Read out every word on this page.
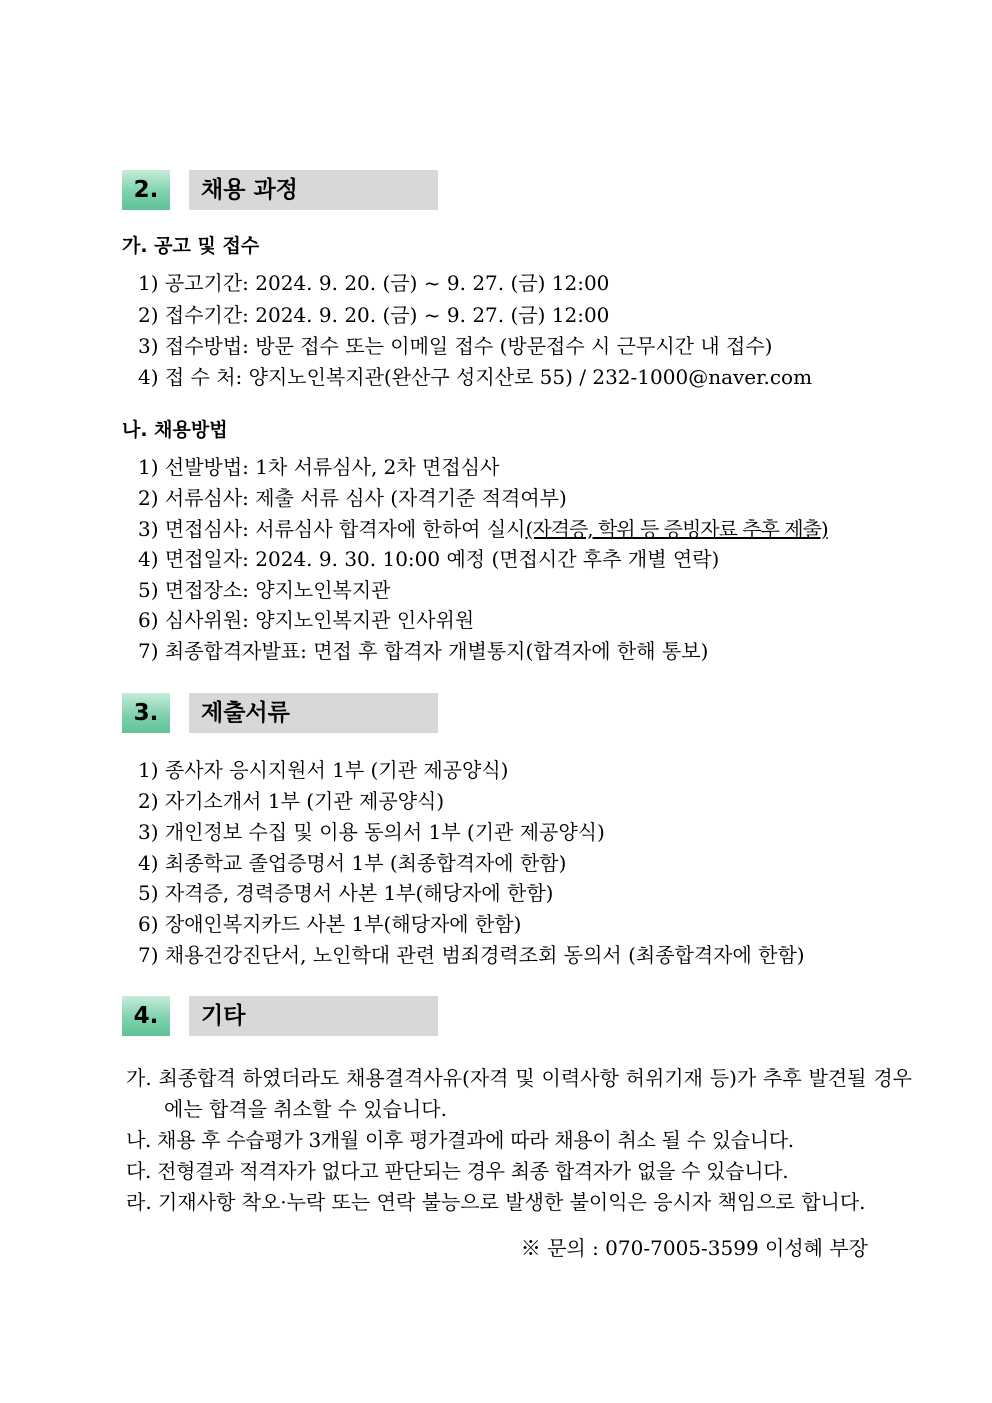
2.	채용 과정
가. 공고 및 접수
1) 공고기간: 2024. 9. 20. (금) ~ 9. 27. (금) 12:00
2) 접수기간: 2024. 9. 20. (금) ~ 9. 27. (금) 12:00
3) 접수방법: 방문 접수 또는 이메일 접수 (방문접수 시 근무시간 내 접수)
4) 접 수 처: 양지노인복지관(완산구 성지산로 55) / 232-1000@naver.com
나. 채용방법
1) 선발방법: 1차 서류심사, 2차 면접심사
2) 서류심사: 제출 서류 심사 (자격기준 적격여부)
3) 면접심사: 서류심사 합격자에 한하여 실시(자격증, 학위 등 증빙자료 추후 제출)
4) 면접일자: 2024. 9. 30. 10:00 예정 (면접시간 후추 개별 연락)
5) 면접장소: 양지노인복지관
6) 심사위원: 양지노인복지관 인사위원
7) 최종합격자발표: 면접 후 합격자 개별통지(합격자에 한해 통보)
3.	제출서류
1) 종사자 응시지원서 1부 (기관 제공양식)
2) 자기소개서 1부 (기관 제공양식)
3) 개인정보 수집 및 이용 동의서 1부 (기관 제공양식)
4) 최종학교 졸업증명서 1부 (최종합격자에 한함)
5) 자격증, 경력증명서 사본 1부(해당자에 한함)
6) 장애인복지카드 사본 1부(해당자에 한함)
7) 채용건강진단서, 노인학대 관련 범죄경력조회 동의서 (최종합격자에 한함)
4.	기타
가. 최종합격 하였더라도 채용결격사유(자격 및 이력사항 허위기재 등)가 추후 발견될 경우에는 합격을 취소할 수 있습니다.
나. 채용 후 수습평가 3개월 이후 평가결과에 따라 채용이 취소 될 수 있습니다.
다. 전형결과 적격자가 없다고 판단되는 경우 최종 합격자가 없을 수 있습니다.
라. 기재사항 착오·누락 또는 연락 불능으로 발생한 불이익은 응시자 책임으로 합니다.
※ 문의 : 070-7005-3599 이성혜 부장
